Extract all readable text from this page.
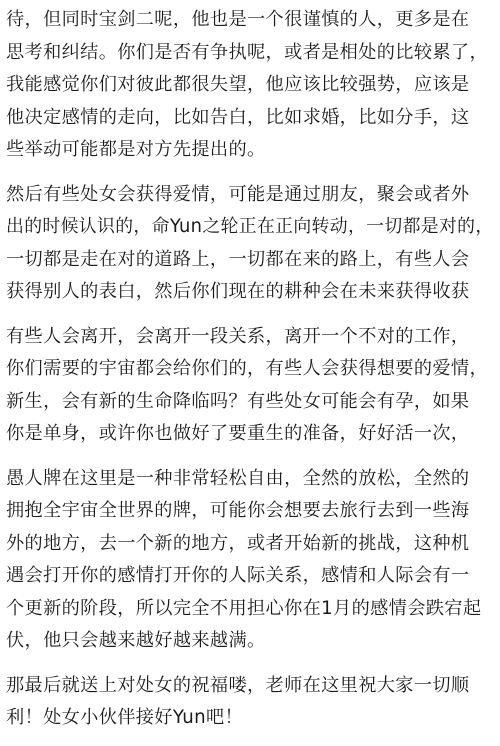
待，但同时宝剑二呢，他也是一个很谨慎的人，更多是在
思考和纠结。你们是否有争执呢，或者是相处的比较累了，
我能感觉你们对彼此都很失望，他应该比较强势，应该是
他决定感情的走向，比如告白，比如求婚，比如分手，这
些举动可能都是对方先提出的。

然后有些处女会获得爱情，可能是通过朋友，聚会或者外
出的时候认识的，命Yun之轮正在正向转动，一切都是对的，
一切都是走在对的道路上，一切都在来的路上，有些人会
获得别人的表白，然后你们现在的耕种会在未来获得收获

有些人会离开，会离开一段关系，离开一个不对的工作，
你们需要的宇宙都会给你们的，有些人会获得想要的爱情，
新生，会有新的生命降临吗？有些处女可能会有孕，如果
你是单身，或许你也做好了要重生的准备，好好活一次，

愚人牌在这里是一种非常轻松自由，全然的放松，全然的
拥抱全宇宙全世界的牌，可能你会想要去旅行去到一些海
外的地方，去一个新的地方，或者开始新的挑战，这种机
遇会打开你的感情打开你的人际关系，感情和人际会有一
个更新的阶段，所以完全不用担心你在1月的感情会跌宕起
伏，他只会越来越好越来越满。

那最后就送上对处女的祝福喽，老师在这里祝大家一切顺
利！处女小伙伴接好Yun吧！
